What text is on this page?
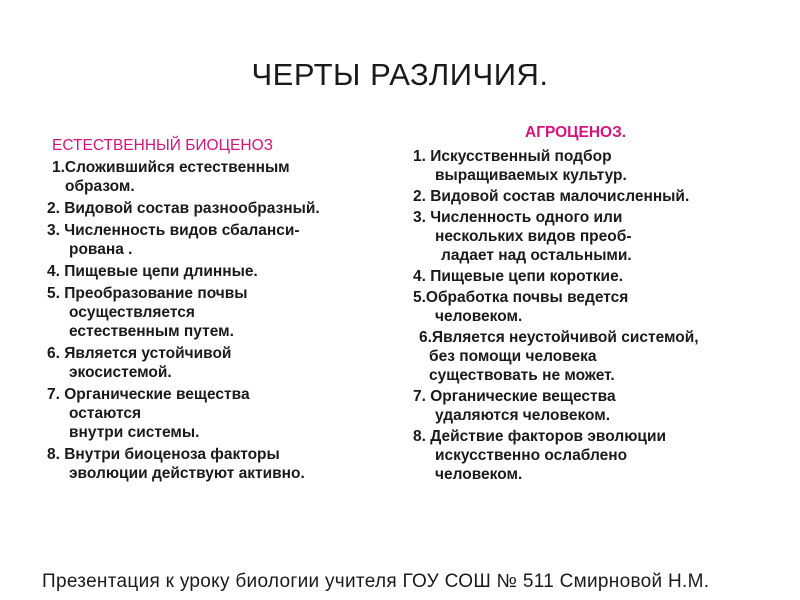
ЧЕРТЫ РАЗЛИЧИЯ.
ЕСТЕСТВЕННЫЙ БИОЦЕНОЗ
1.Сложившийся естественным
образом.
2. Видовой состав разнообразный.
3. Численность видов сбаланси-
рована .
4. Пищевые цепи длинные.
5. Преобразование почвы
осуществляется
естественным путем.
6. Является устойчивой
экосистемой.
7. Органические вещества
остаются
внутри системы.
8. Внутри биоценоза факторы
эволюции действуют активно.
АГРОЦЕНОЗ.
1. Искусственный подбор
выращиваемых культур.
2. Видовой состав малочисленный.
3. Численность одного или
нескольких видов преоб-
ладает над остальными.
4. Пищевые цепи короткие.
5.Обработка почвы ведется
человеком.
6.Является неустойчивой системой,
без помощи человека
существовать не может.
7. Органические вещества
удаляются человеком.
8. Действие факторов эволюции
искусственно ослаблено
человеком.
Презентация к уроку биологии учителя ГОУ СОШ № 511 Смирновой Н.М.
